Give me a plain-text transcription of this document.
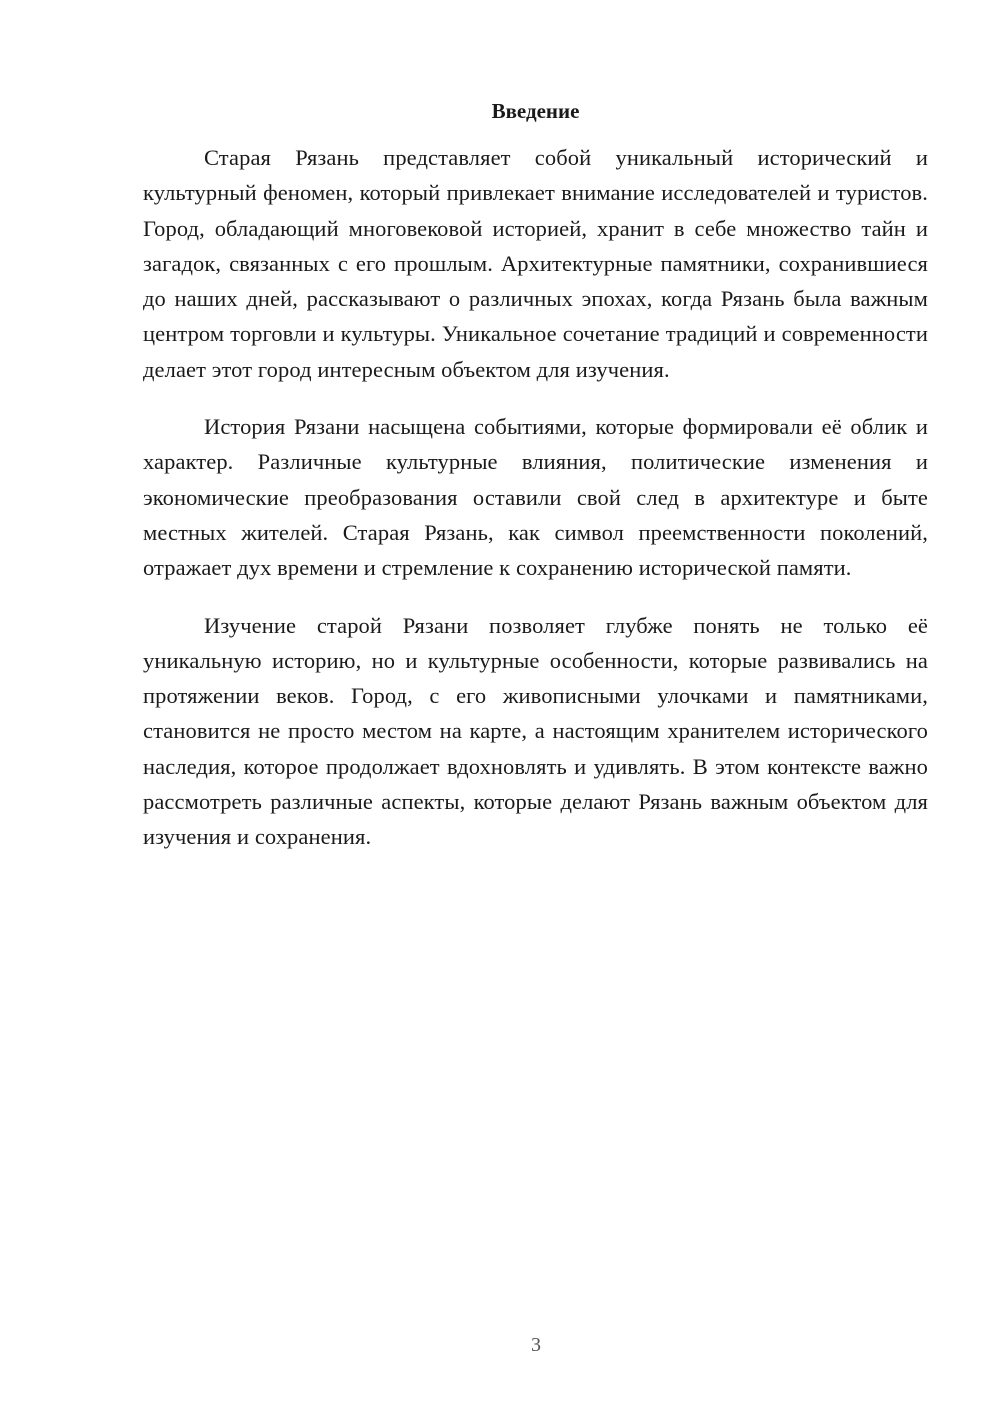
Введение

Старая Рязань представляет собой уникальный исторический и культурный феномен, который привлекает внимание исследователей и туристов. Город, обладающий многовековой историей, хранит в себе множество тайн и загадок, связанных с его прошлым. Архитектурные памятники, сохранившиеся до наших дней, рассказывают о различных эпохах, когда Рязань была важным центром торговли и культуры. Уникальное сочетание традиций и современности делает этот город интересным объектом для изучения.

История Рязани насыщена событиями, которые формировали её облик и характер. Различные культурные влияния, политические изменения и экономические преобразования оставили свой след в архитектуре и быте местных жителей. Старая Рязань, как символ преемственности поколений, отражает дух времени и стремление к сохранению исторической памяти.

Изучение старой Рязани позволяет глубже понять не только её уникальную историю, но и культурные особенности, которые развивались на протяжении веков. Город, с его живописными улочками и памятниками, становится не просто местом на карте, а настоящим хранителем исторического наследия, которое продолжает вдохновлять и удивлять. В этом контексте важно рассмотреть различные аспекты, которые делают Рязань важным объектом для изучения и сохранения.

3
